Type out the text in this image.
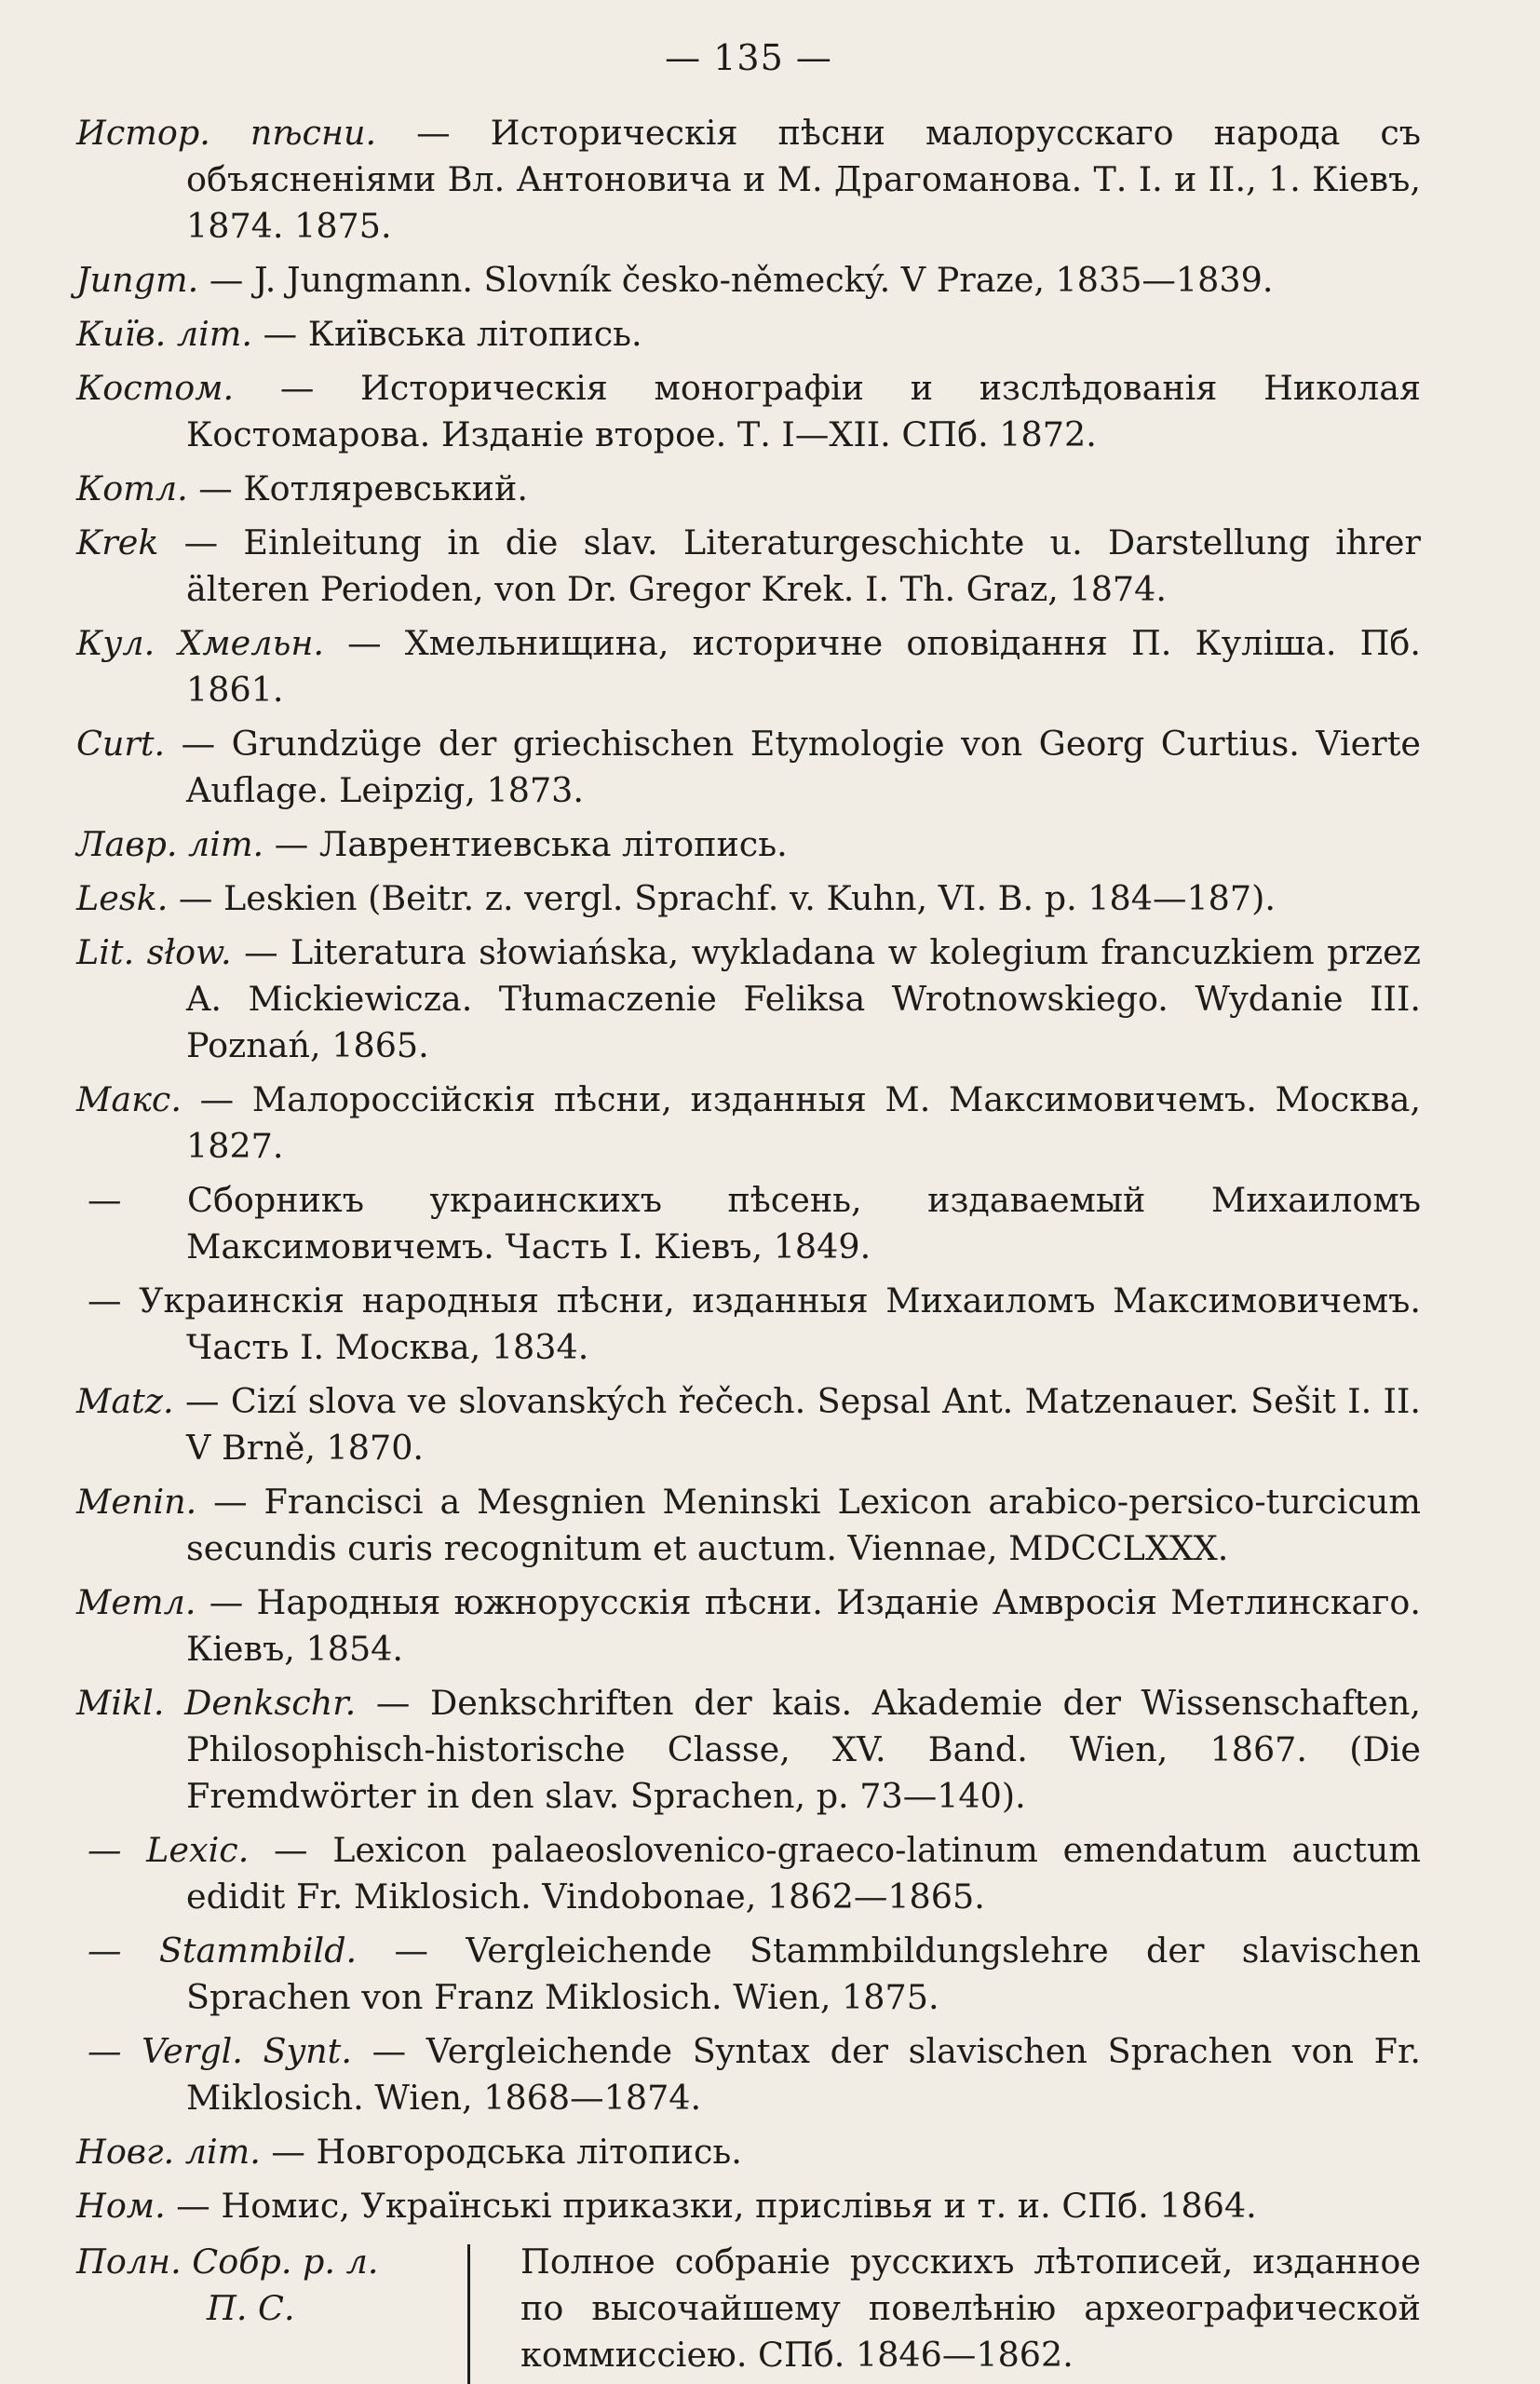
— 135 —

Истор. пѣсни. — Историческія пѣсни малорусскаго народа съ объясненіями Вл. Антоновича и М. Драгоманова. Т. І. и II., 1. Кіевъ, 1874. 1875.

Jungm. — J. Jungmann. Slovník česko-německý. V Praze, 1835—1839.

Київ. літ. — Київська літопись.

Костом. — Историческія монографіи и изслѣдованія Николая Костомарова. Изданіе второе. Т. І—XII. СПб. 1872.

Котл. — Котляревський.

Krek — Einleitung in die slav. Literaturgeschichte u. Darstellung ihrer älteren Perioden, von Dr. Gregor Krek. I. Th. Graz, 1874.

Кул. Хмельн. — Хмельнищина, историчне оповідання П. Куліша. Пб. 1861.

Curt. — Grundzüge der griechischen Etymologie von Georg Curtius. Vierte Auflage. Leipzig, 1873.

Лавр. літ. — Лаврентиевська літопись.

Lesk. — Leskien (Beitr. z. vergl. Sprachf. v. Kuhn, VI. B. p. 184—187).

Lit. słow. — Literatura słowiańska, wykladana w kolegium francuzkiem przez A. Mickiewicza. Tłumaczenie Feliksa Wrotnowskiego. Wydanie III. Poznań, 1865.

Макс. — Малороссійскія пѣсни, изданныя М. Максимовичемъ. Москва, 1827.

— Сборникъ украинскихъ пѣсень, издаваемый Михаиломъ Максимовичемъ. Часть І. Кіевъ, 1849.

— Украинскія народныя пѣсни, изданныя Михаиломъ Максимовичемъ. Часть І. Москва, 1834.

Matz. — Cizí slova ve slovanských řečech. Sepsal Ant. Matzenauer. Sešit I. II. V Brně, 1870.

Menin. — Francisci a Mesgnien Meninski Lexicon arabico-persico-turcicum secundis curis recognitum et auctum. Viennae, MDCCLXXX.

Метл. — Народныя южнорусскія пѣсни. Изданіе Амвросія Метлинскаго. Кіевъ, 1854.

Mikl. Denkschr. — Denkschriften der kais. Akademie der Wissenschaften, Philosophisch-historische Classe, XV. Band. Wien, 1867. (Die Fremdwörter in den slav. Sprachen, p. 73—140).

— Lexic. — Lexicon palaeoslovenico-graeco-latinum emendatum auctum edidit Fr. Miklosich. Vindobonae, 1862—1865.

— Stammbild. — Vergleichende Stammbildungslehre der slavischen Sprachen von Franz Miklosich. Wien, 1875.

— Vergl. Synt. — Vergleichende Syntax der slavischen Sprachen von Fr. Miklosich. Wien, 1868—1874.

Новг. літ. — Новгородська літопись.

Ном. — Номис, Українські приказки, прислівья и т. и. СПб. 1864.

Полн. Собр. р. л.
П. С.
Полное собраніе русскихъ лѣтописей, изданное по высочайшему повелѣнію археографической коммиссіею. СПб. 1846—1862.
